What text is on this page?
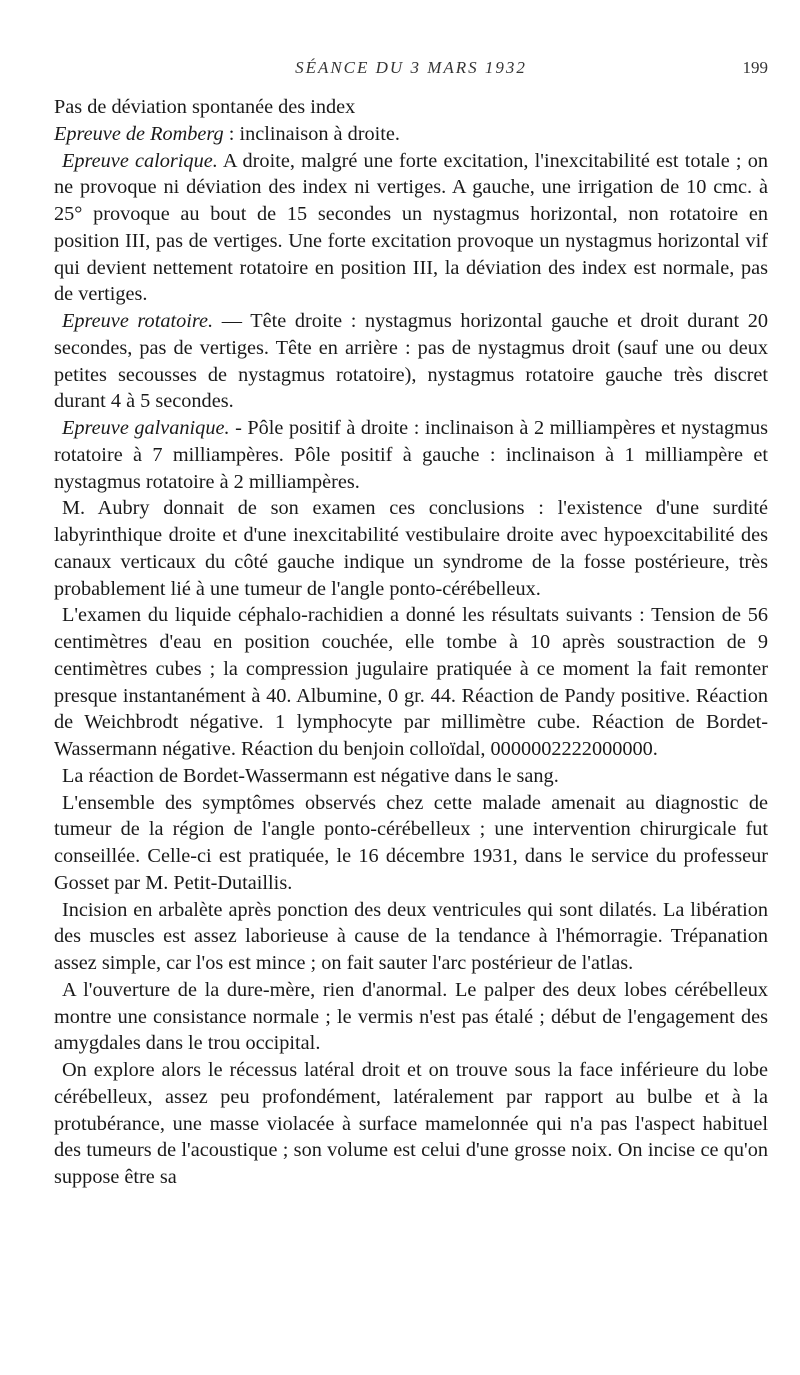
SÉANCE DU 3 MARS 1932	199

Pas de déviation spontanée des index

Epreuve de Romberg : inclinaison à droite.

Epreuve calorique. A droite, malgré une forte excitation, l'inexcitabilité est totale ; on ne provoque ni déviation des index ni vertiges. A gauche, une irrigation de 10 cmc. à 25° provoque au bout de 15 secondes un nystagmus horizontal, non rotatoire en position III, pas de vertiges. Une forte excitation provoque un nystagmus horizontal vif qui devient nettement rotatoire en position III, la déviation des index est normale, pas de vertiges.

Epreuve rotatoire. — Tête droite : nystagmus horizontal gauche et droit durant 20 secondes, pas de vertiges. Tête en arrière : pas de nystagmus droit (sauf une ou deux petites secousses de nystagmus rotatoire), nystagmus rotatoire gauche très discret durant 4 à 5 secondes.

Epreuve galvanique. - Pôle positif à droite : inclinaison à 2 milliampères et nystagmus rotatoire à 7 milliampères. Pôle positif à gauche : inclinaison à 1 milliampère et nystagmus rotatoire à 2 milliampères.

M. Aubry donnait de son examen ces conclusions : l'existence d'une surdité labyrinthique droite et d'une inexcitabilité vestibulaire droite avec hypoexcitabilité des canaux verticaux du côté gauche indique un syndrome de la fosse postérieure, très probablement lié à une tumeur de l'angle ponto-cérébelleux.

L'examen du liquide céphalo-rachidien a donné les résultats suivants : Tension de 56 centimètres d'eau en position couchée, elle tombe à 10 après soustraction de 9 centimètres cubes ; la compression jugulaire pratiquée à ce moment la fait remonter presque instantanément à 40. Albumine, 0 gr. 44. Réaction de Pandy positive. Réaction de Weichbrodt négative. 1 lymphocyte par millimètre cube. Réaction de Bordet-Wassermann négative. Réaction du benjoin colloïdal, 0000002222000000.

La réaction de Bordet-Wassermann est négative dans le sang.

L'ensemble des symptômes observés chez cette malade amenait au diagnostic de tumeur de la région de l'angle ponto-cérébelleux ; une intervention chirurgicale fut conseillée. Celle-ci est pratiquée, le 16 décembre 1931, dans le service du professeur Gosset par M. Petit-Dutaillis.

Incision en arbalète après ponction des deux ventricules qui sont dilatés. La libération des muscles est assez laborieuse à cause de la tendance à l'hémorragie. Trépanation assez simple, car l'os est mince ; on fait sauter l'arc postérieur de l'atlas.

A l'ouverture de la dure-mère, rien d'anormal. Le palper des deux lobes cérébelleux montre une consistance normale ; le vermis n'est pas étalé ; début de l'engagement des amygdales dans le trou occipital.

On explore alors le récessus latéral droit et on trouve sous la face inférieure du lobe cérébelleux, assez peu profondément, latéralement par rapport au bulbe et à la protubérance, une masse violacée à surface mamelonnée qui n'a pas l'aspect habituel des tumeurs de l'acoustique ; son volume est celui d'une grosse noix. On incise ce qu'on suppose être sa
